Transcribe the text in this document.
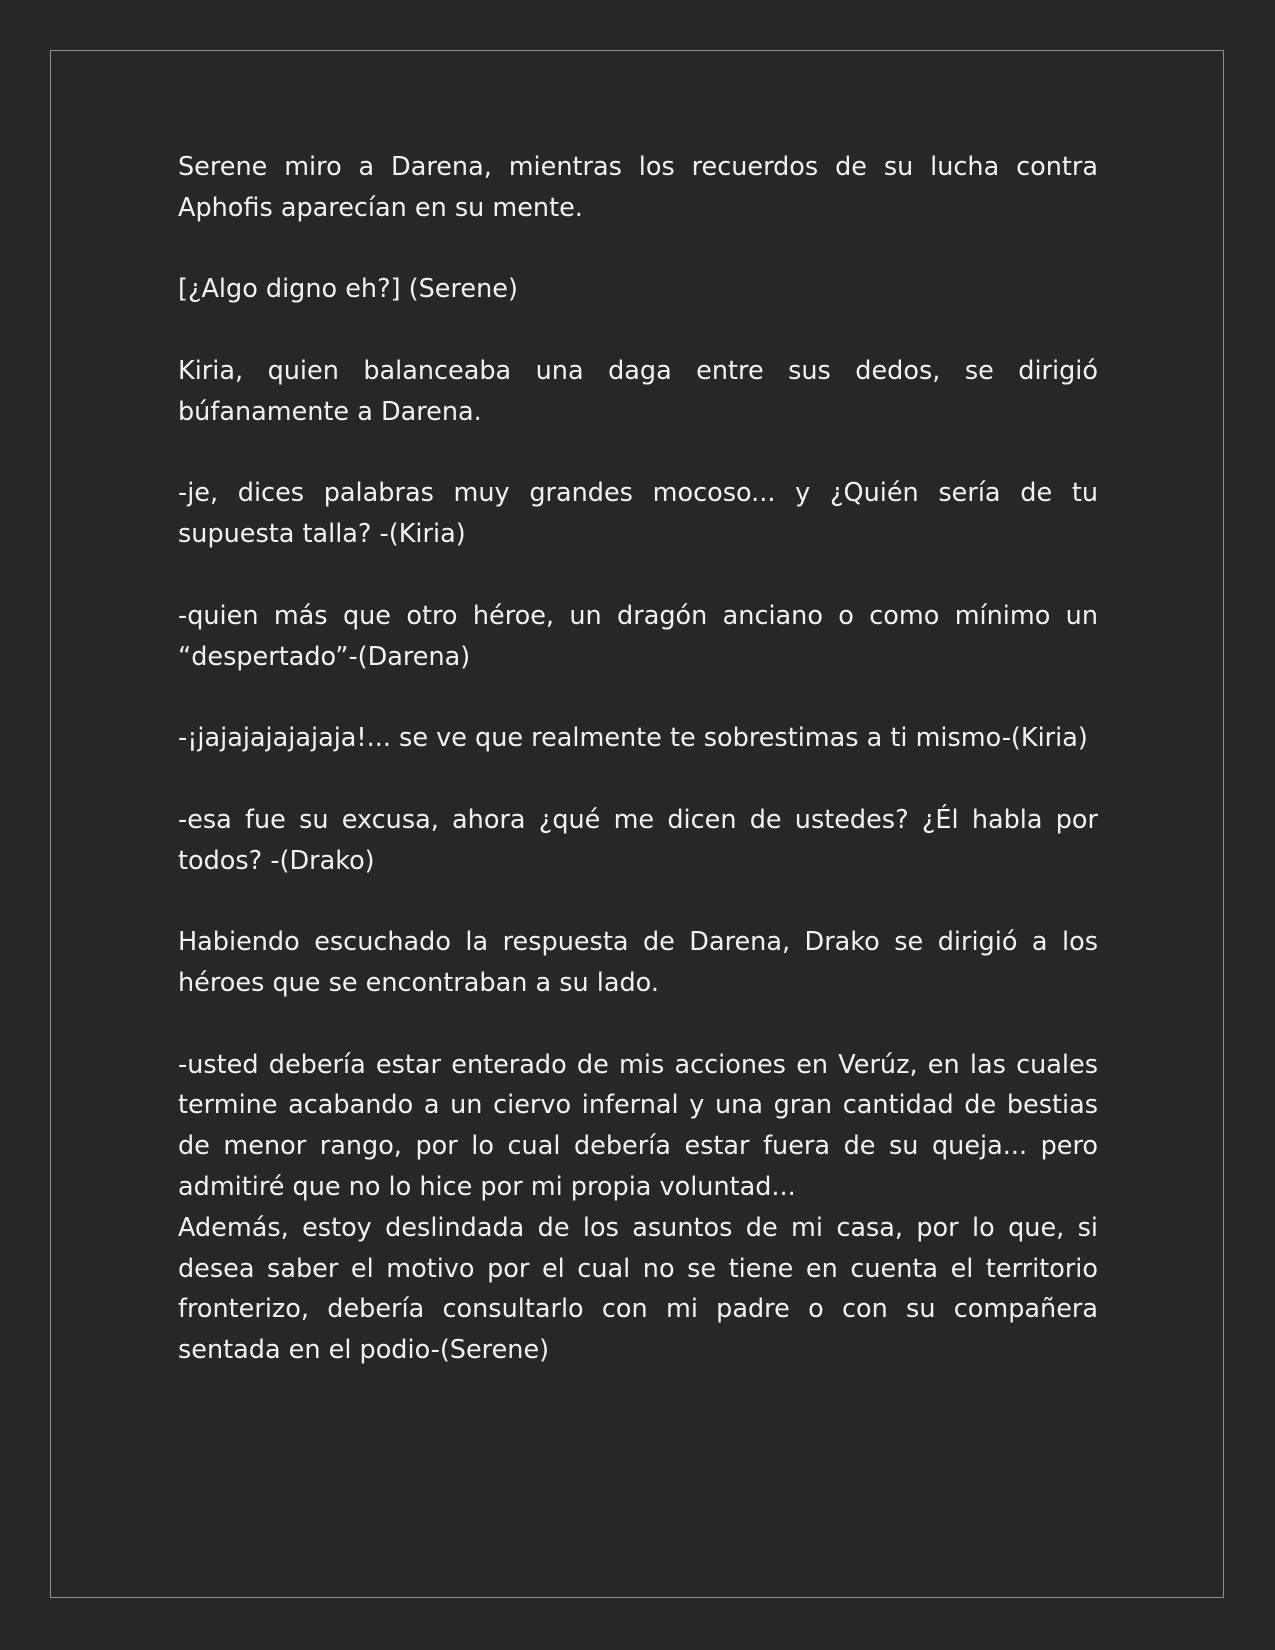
Serene miro a Darena, mientras los recuerdos de su lucha contra Aphofis aparecían en su mente.

[¿Algo digno eh?] (Serene)

Kiria, quien balanceaba una daga entre sus dedos, se dirigió búfanamente a Darena.

-je, dices palabras muy grandes mocoso... y ¿Quién sería de tu supuesta talla? -(Kiria)

-quien más que otro héroe, un dragón anciano o como mínimo un “despertado”-(Darena)

-¡jajajajajajaja!... se ve que realmente te sobrestimas a ti mismo-(Kiria)

-esa fue su excusa, ahora ¿qué me dicen de ustedes? ¿Él habla por todos? -(Drako)

Habiendo escuchado la respuesta de Darena, Drako se dirigió a los héroes que se encontraban a su lado.

-usted debería estar enterado de mis acciones en Verúz, en las cuales termine acabando a un ciervo infernal y una gran cantidad de bestias de menor rango, por lo cual debería estar fuera de su queja... pero admitiré que no lo hice por mi propia voluntad...

Además, estoy deslindada de los asuntos de mi casa, por lo que, si desea saber el motivo por el cual no se tiene en cuenta el territorio fronterizo, debería consultarlo con mi padre o con su compañera sentada en el podio-(Serene)
